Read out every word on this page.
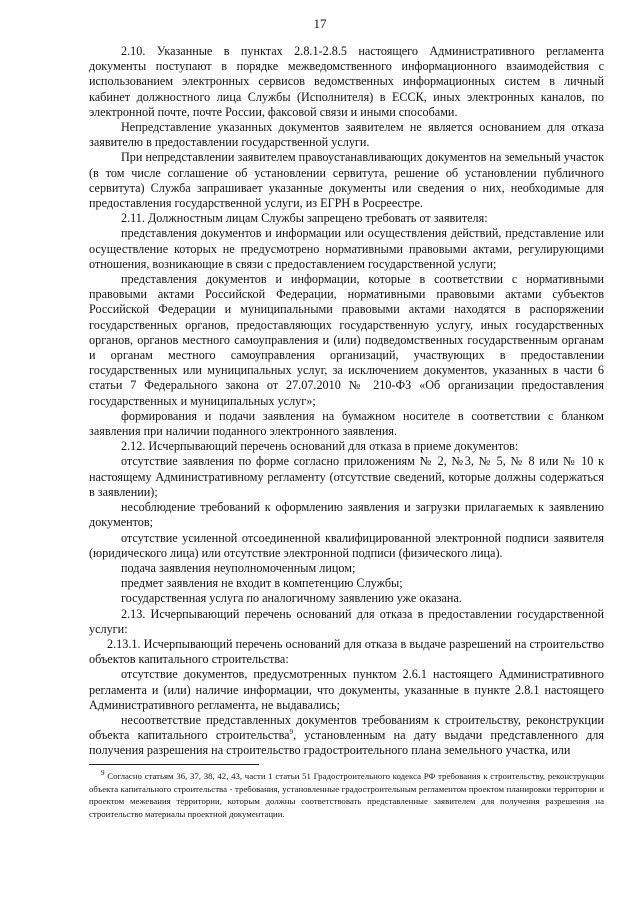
17

2.10. Указанные в пунктах 2.8.1-2.8.5 настоящего Административного регламента документы поступают в порядке межведомственного информационного взаимодействия с использованием электронных сервисов ведомственных информационных систем в личный кабинет должностного лица Службы (Исполнителя) в ЕССК, иных электронных каналов, по электронной почте, почте России, факсовой связи и иными способами.

Непредставление указанных документов заявителем не является основанием для отказа заявителю в предоставлении государственной услуги.

При непредставлении заявителем правоустанавливающих документов на земельный участок (в том числе соглашение об установлении сервитута, решение об установлении публичного сервитута) Служба запрашивает указанные документы или сведения о них, необходимые для предоставления государственной услуги, из ЕГРН в Росреестре.

2.11. Должностным лицам Службы запрещено требовать от заявителя:

представления документов и информации или осуществления действий, представление или осуществление которых не предусмотрено нормативными правовыми актами, регулирующими отношения, возникающие в связи с предоставлением государственной услуги;

представления документов и информации, которые в соответствии с нормативными правовыми актами Российской Федерации, нормативными правовыми актами субъектов Российской Федерации и муниципальными правовыми актами находятся в распоряжении государственных органов, предоставляющих государственную услугу, иных государственных органов, органов местного самоуправления и (или) подведомственных государственным органам и органам местного самоуправления организаций, участвующих в предоставлении государственных или муниципальных услуг, за исключением документов, указанных в части 6 статьи 7 Федерального закона от 27.07.2010 № 210-ФЗ «Об организации предоставления государственных и муниципальных услуг»;

формирования и подачи заявления на бумажном носителе в соответствии с бланком заявления при наличии поданного электронного заявления.

2.12. Исчерпывающий перечень оснований для отказа в приеме документов:

отсутствие заявления по форме согласно приложениям № 2, №3, № 5, № 8 или № 10 к настоящему Административному регламенту (отсутствие сведений, которые должны содержаться в заявлении);

несоблюдение требований к оформлению заявления и загрузки прилагаемых к заявлению документов;

отсутствие усиленной отсоединенной квалифицированной электронной подписи заявителя (юридического лица) или отсутствие электронной подписи (физического лица).

подача заявления неуполномоченным лицом;

предмет заявления не входит в компетенцию Службы;

государственная услуга по аналогичному заявлению уже оказана.

2.13. Исчерпывающий перечень оснований для отказа в предоставлении государственной услуги:

2.13.1. Исчерпывающий перечень оснований для отказа в выдаче разрешений на строительство объектов капитального строительства:

отсутствие документов, предусмотренных пунктом 2.6.1 настоящего Административного регламента и (или) наличие информации, что документы, указанные в пункте 2.8.1 настоящего Административного регламента, не выдавались;

несоответствие представленных документов требованиям к строительству, реконструкции объекта капитального строительства$^9$, установленным на дату выдачи представленного для получения разрешения на строительство градостроительного плана земельного участка, или

$^9$ Согласно статьям 36, 37, 38, 42, 43, части 1 статьи 51 Градостроительного кодекса РФ требования к строительству, реконструкции объекта капитального строительства - требования, установленные градостроительным регламентом проектом планировки территории и проектом межевания территории, которым должны соответствовать представленные заявителем для получения разрешения на строительство материалы проектной документации.
